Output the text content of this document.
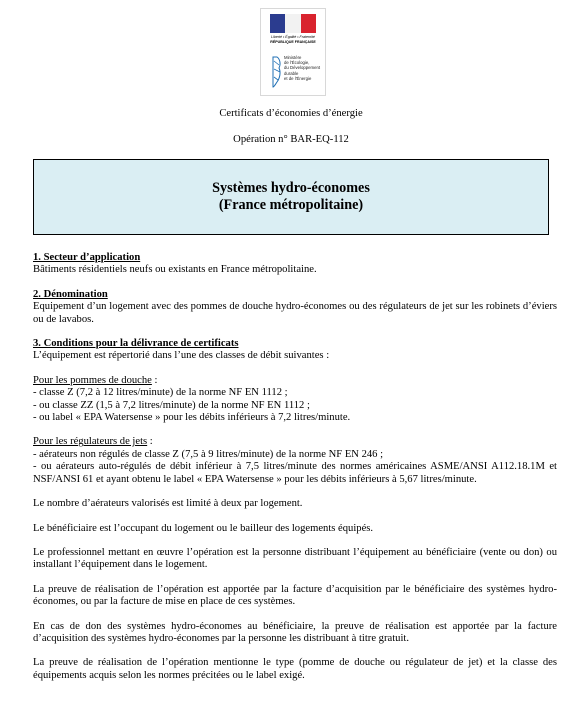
Liberté • Égalité • Fraternité
RÉPUBLIQUE FRANÇAISE
Ministère
de l'Écologie,
du Développement
durable
et de l'Énergie
Certificats d’économies d’énergie
Opération n° BAR-EQ-112
Systèmes hydro-économes
(France métropolitaine)
1. Secteur d’application

Bâtiments résidentiels neufs ou existants en France métropolitaine.

2. Dénomination

Equipement d’un logement avec des pommes de douche hydro-économes ou des régulateurs de jet sur les robinets d’éviers ou de lavabos.

3. Conditions pour la délivrance de certificats

L’équipement est répertorié dans l’une des classes de débit suivantes :

Pour les pommes de douche :

- classe Z (7,2 à 12 litres/minute) de la norme NF EN 1112 ;

- ou classe ZZ (1,5 à 7,2 litres/minute) de la norme NF EN 1112 ;

- ou label « EPA Watersense » pour les débits inférieurs à 7,2 litres/minute.

Pour les régulateurs de jets :

- aérateurs non régulés de classe Z (7,5 à 9 litres/minute) de la norme NF EN 246 ;

- ou aérateurs auto-régulés de débit inférieur à 7,5 litres/minute des normes américaines ASME/ANSI A112.18.1M et NSF/ANSI 61 et ayant obtenu le label « EPA Watersense » pour les débits inférieurs à 5,67 litres/minute.

Le nombre d’aérateurs valorisés est limité à deux par logement.

Le bénéficiaire est l’occupant du logement ou le bailleur des logements équipés.

Le professionnel mettant en œuvre l’opération est la personne distribuant l’équipement au bénéficiaire (vente ou don) ou installant l’équipement dans le logement.

La preuve de réalisation de l’opération est apportée par la facture d’acquisition par le bénéficiaire des systèmes hydro-économes, ou par la facture de mise en place de ces systèmes.

En cas de don des systèmes hydro-économes au bénéficiaire, la preuve de réalisation est apportée par la facture d’acquisition des systèmes hydro-économes par la personne les distribuant à titre gratuit.

La preuve de réalisation de l’opération mentionne le type (pomme de douche ou régulateur de jet) et la classe des équipements acquis selon les normes précitées ou le label exigé.
